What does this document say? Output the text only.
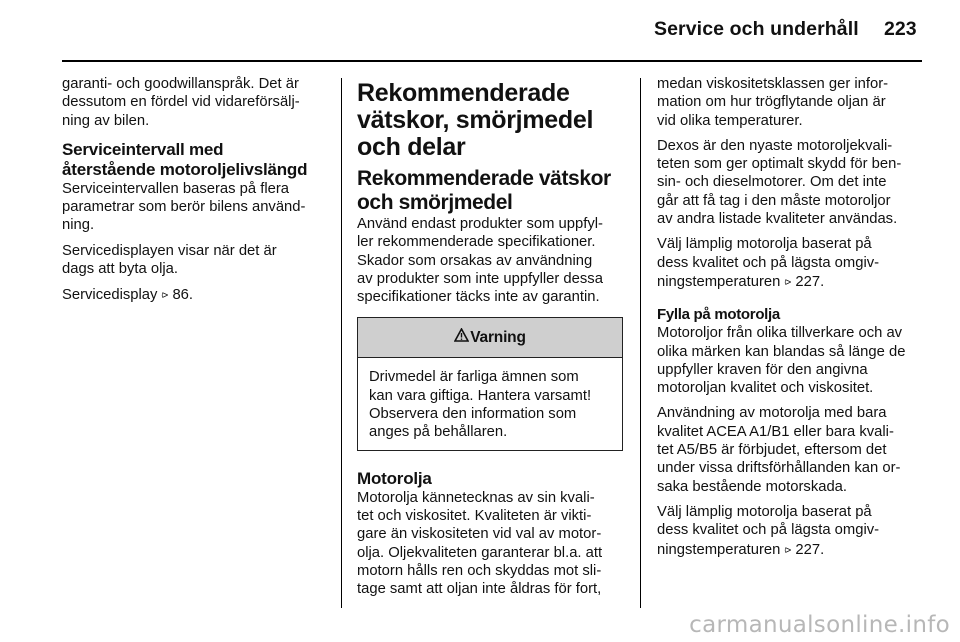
Service och underhåll 223

garanti- och goodwillanspråk. Det är
dessutom en fördel vid vidareförsälj-
ning av bilen.

Serviceintervall med
återstående motoroljelivslängd

Serviceintervallen baseras på flera
parametrar som berör bilens använd-
ning.

Servicedisplayen visar när det är
dags att byta olja.

Servicedisplay ⪧ 86.

Rekommenderade
vätskor, smörjmedel
och delar
Rekommenderade vätskor
och smörjmedel

Använd endast produkter som uppfyl-
ler rekommenderade specifikationer.
Skador som orsakas av användning
av produkter som inte uppfyller dessa
specifikationer täcks inte av garantin.

Varning

Drivmedel är farliga ämnen som
kan vara giftiga. Hantera varsamt!
Observera den information som
anges på behållaren.

Motorolja

Motorolja kännetecknas av sin kvali-
tet och viskositet. Kvaliteten är vikti-
gare än viskositeten vid val av motor-
olja. Oljekvaliteten garanterar bl.a. att
motorn hålls ren och skyddas mot sli-
tage samt att oljan inte åldras för fort,

medan viskositetsklassen ger infor-
mation om hur trögflytande oljan är
vid olika temperaturer.

Dexos är den nyaste motoroljekvali-
teten som ger optimalt skydd för ben-
sin- och dieselmotorer. Om det inte
går att få tag i den måste motoroljor
av andra listade kvaliteter användas.

Välj lämplig motorolja baserat på
dess kvalitet och på lägsta omgiv-
ningstemperaturen ⪧ 227.

Fylla på motorolja

Motoroljor från olika tillverkare och av
olika märken kan blandas så länge de
uppfyller kraven för den angivna
motoroljan kvalitet och viskositet.

Användning av motorolja med bara
kvalitet ACEA A1/B1 eller bara kvali-
tet A5/B5 är förbjudet, eftersom det
under vissa driftsförhållanden kan or-
saka bestående motorskada.

Välj lämplig motorolja baserat på
dess kvalitet och på lägsta omgiv-
ningstemperaturen ⪧ 227.

carmanualsonline.info
